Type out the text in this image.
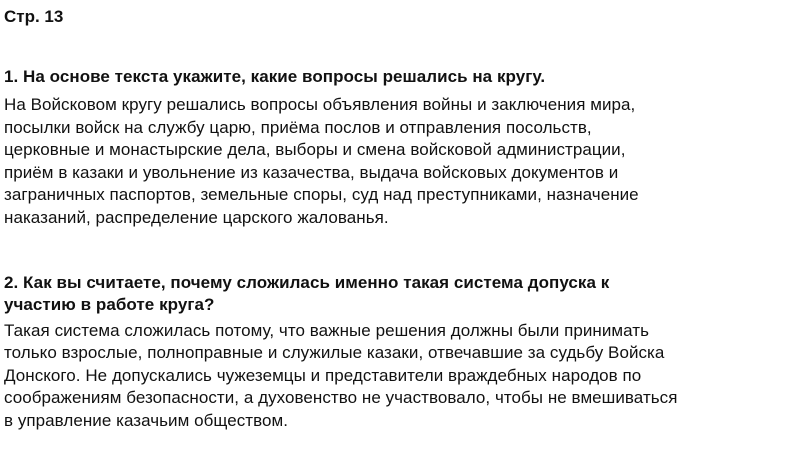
Стр. 13

1. На основе текста укажите, какие вопросы решались на кругу.

На Войсковом кругу решались вопросы объявления войны и заключения мира,
посылки войск на службу царю, приёма послов и отправления посольств,
церковные и монастырские дела, выборы и смена войсковой администрации,
приём в казаки и увольнение из казачества, выдача войсковых документов и
заграничных паспортов, земельные споры, суд над преступниками, назначение
наказаний, распределение царского жалованья.
2. Как вы считаете, почему сложилась именно такая система допуска к
участию в работе круга?
Такая система сложилась потому, что важные решения должны были принимать
только взрослые, полноправные и служилые казаки, отвечавшие за судьбу Войска
Донского. Не допускались чужеземцы и представители враждебных народов по
соображениям безопасности, а духовенство не участвовало, чтобы не вмешиваться
в управление казачьим обществом.
